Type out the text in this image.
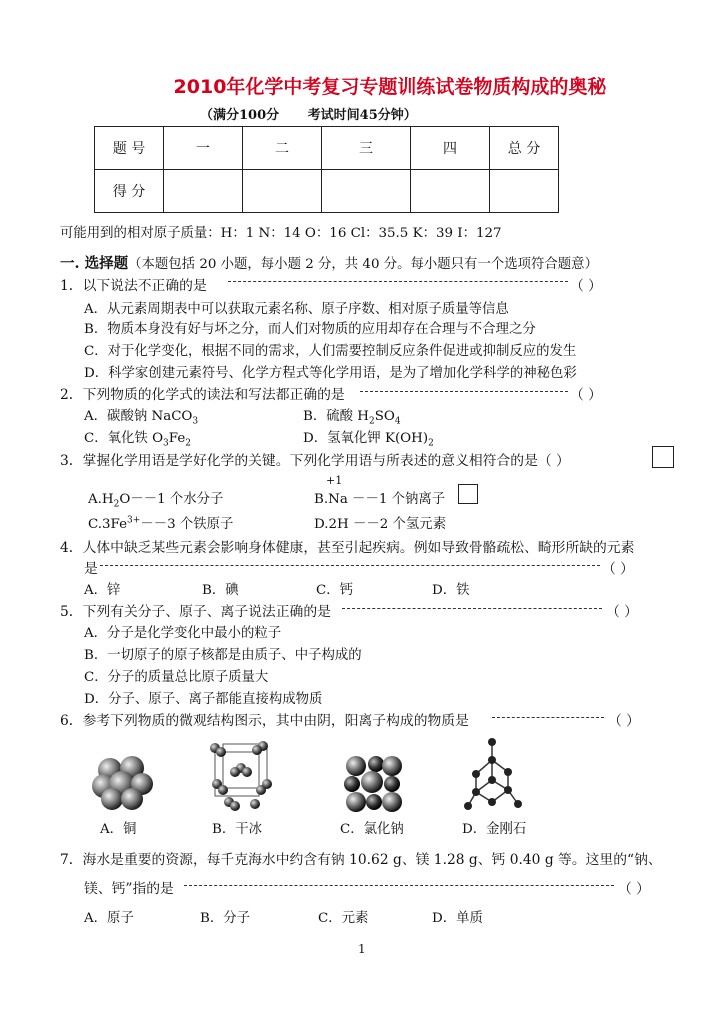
2010年化学中考复习专题训练试卷物质构成的奥秘
（满分100分 考试时间45分钟）
题 号	一	二	三	四	总 分
得 分					
可能用到的相对原子质量：H：1 N：14 O：16 Cl：35.5 K：39 I：127
一. 选择题（本题包括 20 小题，每小题 2 分，共 40 分。每小题只有一个选项符合题意）
1．以下说法不正确的是	（ ）
A．从元素周期表中可以获取元素名称、原子序数、相对原子质量等信息
B．物质本身没有好与坏之分，而人们对物质的应用却存在合理与不合理之分
C．对于化学变化，根据不同的需求，人们需要控制反应条件促进或抑制反应的发生
D．科学家创建元素符号、化学方程式等化学用语，是为了增加化学科学的神秘色彩
2．下列物质的化学式的读法和写法都正确的是	（ ）
A．碳酸钠 NaCO$_3$	B．硫酸 $H_2SO_4$
C．氧化铁 $O_3Fe_2$	D．氢氧化钾 $K(OH)_2$
3．掌握化学用语是学好化学的关键。下列化学用语与所表述的意义相符合的是（ ）
$A.H_2O--1$ 个水分子
+1
B.Na －－1 个钠离子
$C.3Fe^{3+}--3$ 个铁原子	D.2H －－2 个氢元素
4．人体中缺乏某些元素会影响身体健康，甚至引起疾病。例如导致骨骼疏松、畸形所缺的元素
是	（ ）
A．锌	B．碘	C．钙	D．铁
5．下列有关分子、原子、离子说法正确的是	（ ）
A．分子是化学变化中最小的粒子
B．一切原子的原子核都是由质子、中子构成的
C．分子的质量总比原子质量大
D．分子、原子、离子都能直接构成物质
6．参考下列物质的微观结构图示，其中由阴，阳离子构成的物质是	（ ）
A．铜	B．干冰	C．氯化钠	D．金刚石
7．海水是重要的资源，每千克海水中约含有钠 10.62 g、镁 1.28 g、钙 0.40 g 等。这里的“钠、
镁、钙”指的是	（ ）
A．原子	B．分子	C．元素	D．单质
1
